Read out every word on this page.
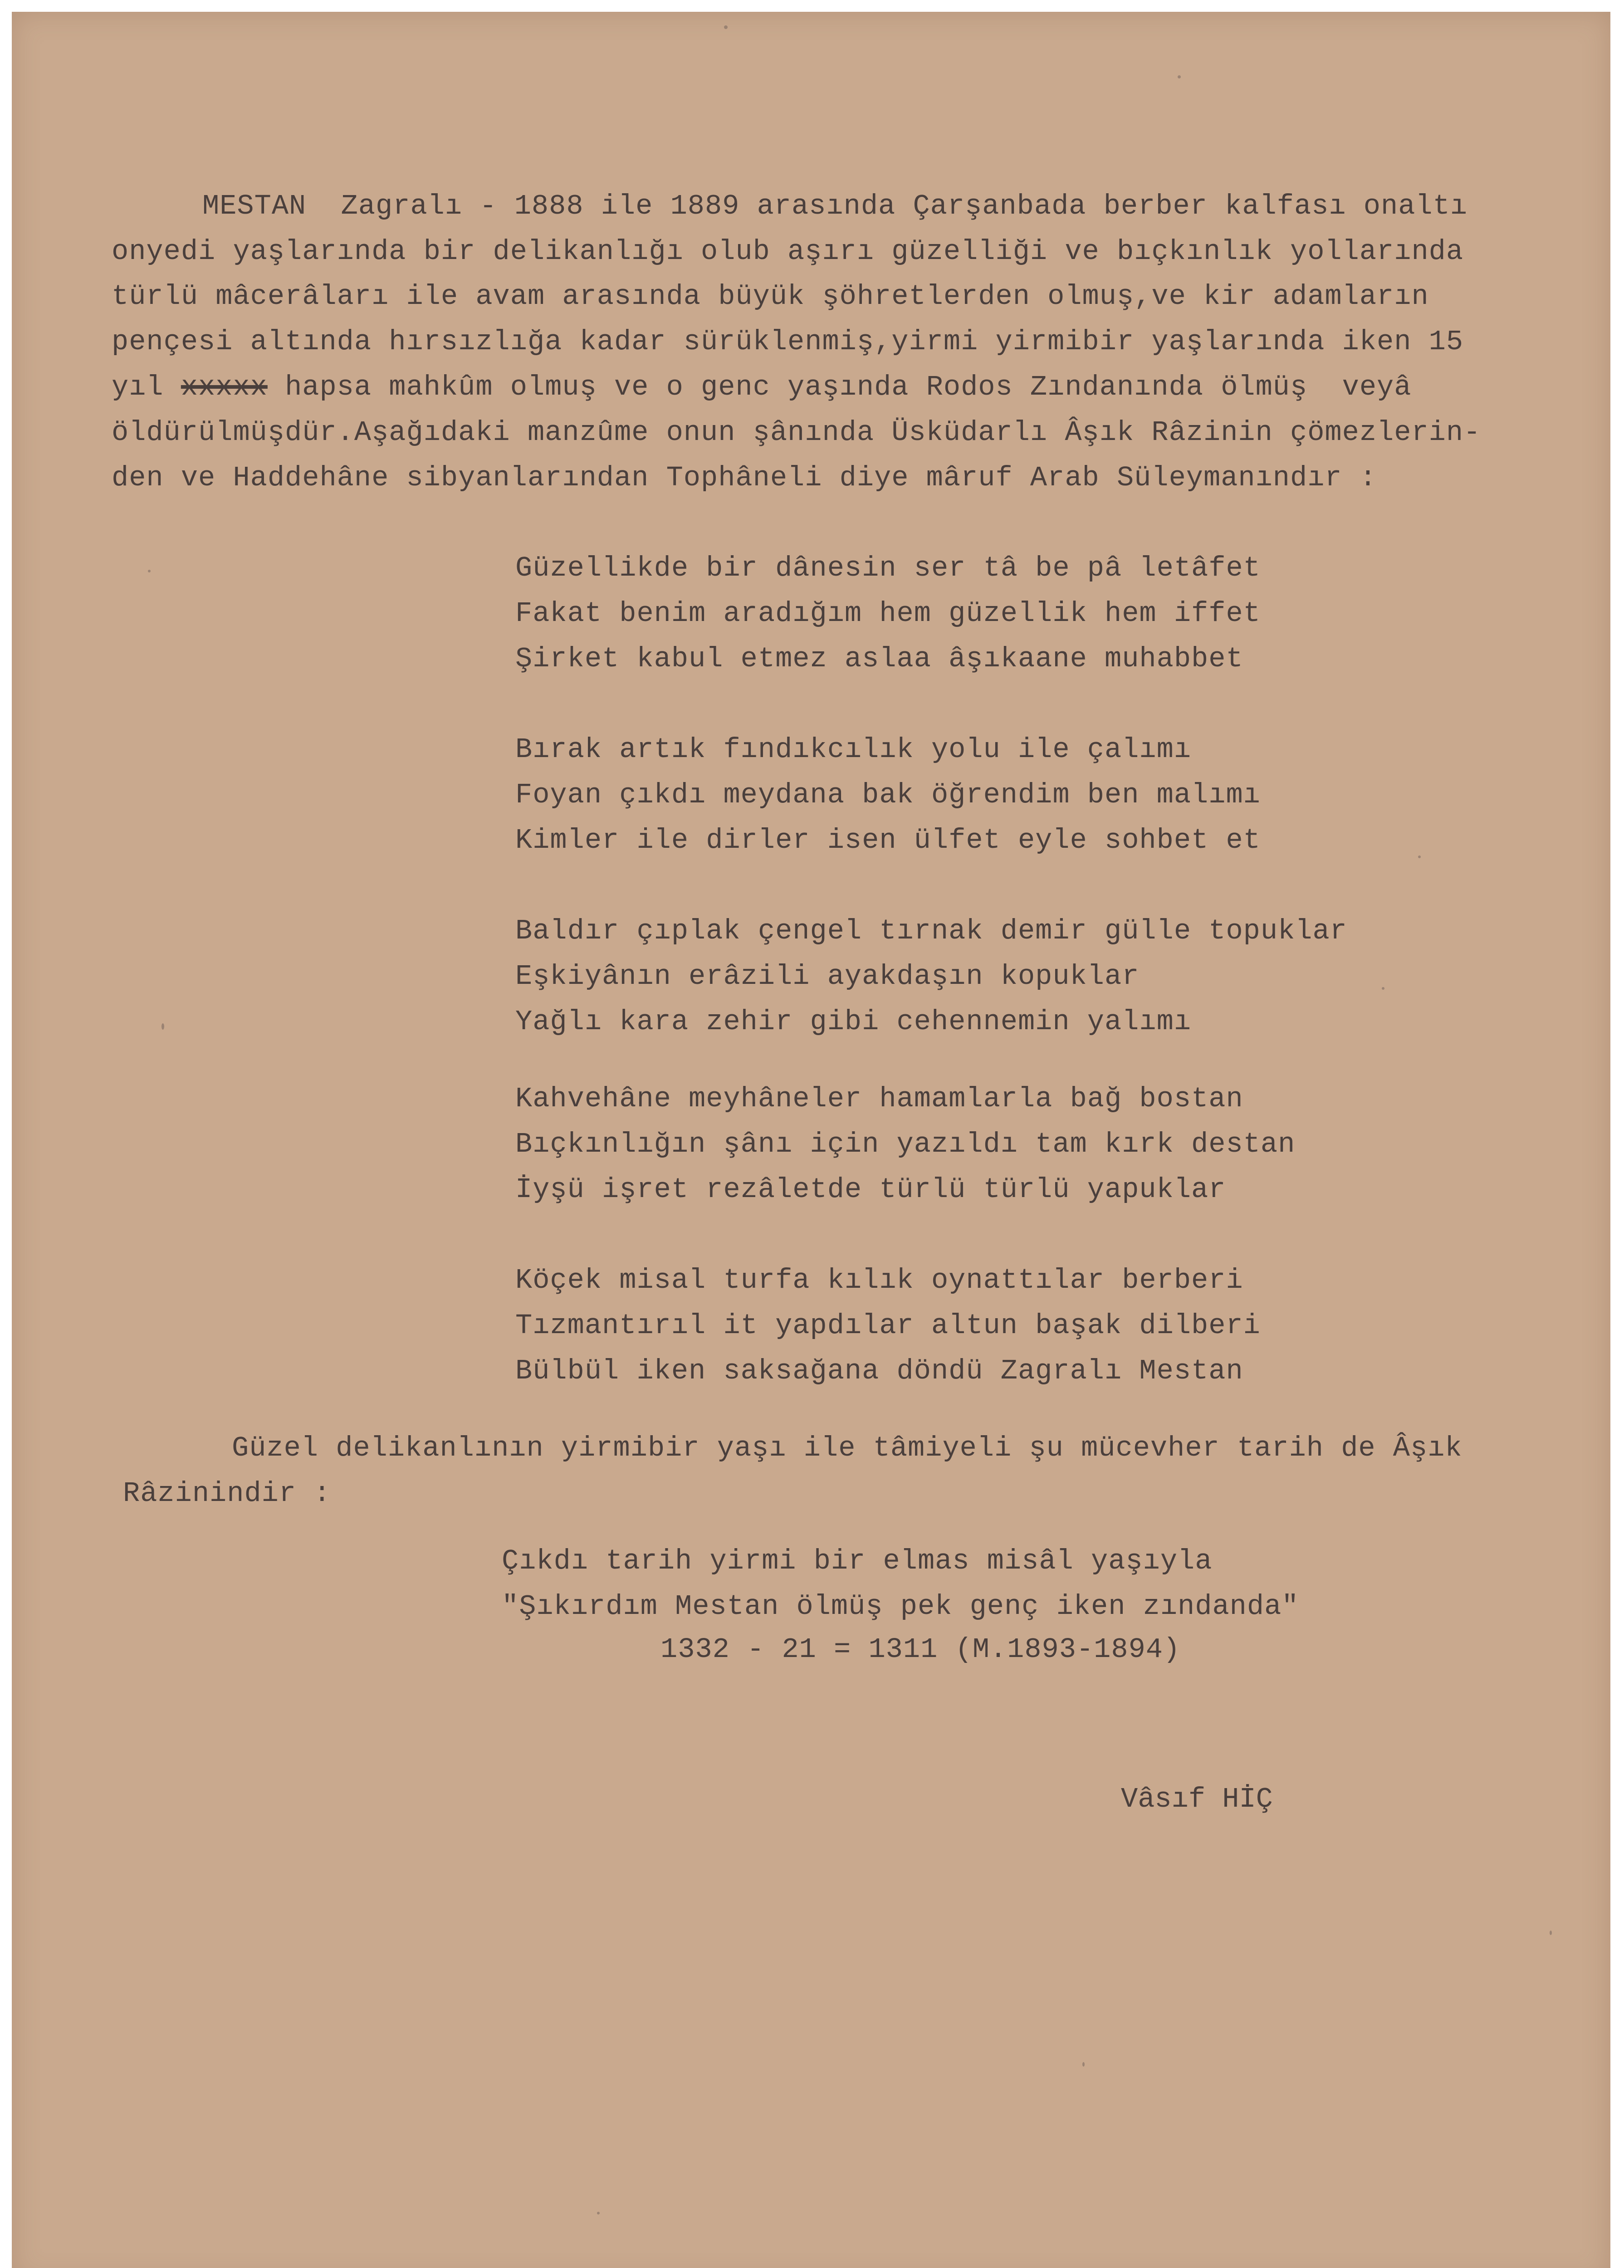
MESTAN  Zagralı - 1888 ile 1889 arasında Çarşanbada berber kalfası onaltı
onyedi yaşlarında bir delikanlığı olub aşırı güzelliği ve bıçkınlık yollarında
türlü mâcerâları ile avam arasında büyük şöhretlerden olmuş,ve kir adamların
pençesi altında hırsızlığa kadar sürüklenmiş,yirmi yirmibir yaşlarında iken 15
yıl xxxxx hapsa mahkûm olmuş ve o genc yaşında Rodos Zındanında ölmüş  veyâ
öldürülmüşdür.Aşağıdaki manzûme onun şânında Üsküdarlı Âşık Râzinin çömezlerin-
den ve Haddehâne sibyanlarından Tophâneli diye mâruf Arab Süleymanındır :
Güzellikde bir dânesin ser tâ be pâ letâfet
Fakat benim aradığım hem güzellik hem iffet
Şirket kabul etmez aslaa âşıkaane muhabbet
Bırak artık fındıkcılık yolu ile çalımı
Foyan çıkdı meydana bak öğrendim ben malımı
Kimler ile dirler isen ülfet eyle sohbet et
Baldır çıplak çengel tırnak demir gülle topuklar
Eşkiyânın erâzili ayakdaşın kopuklar
Yağlı kara zehir gibi cehennemin yalımı
Kahvehâne meyhâneler hamamlarla bağ bostan
Bıçkınlığın şânı için yazıldı tam kırk destan
İyşü işret rezâletde türlü türlü yapuklar
Köçek misal turfa kılık oynattılar berberi
Tızmantırıl it yapdılar altun başak dilberi
Bülbül iken saksağana döndü Zagralı Mestan
Güzel delikanlının yirmibir yaşı ile tâmiyeli şu mücevher tarih de Âşık
Râzinindir :
Çıkdı tarih yirmi bir elmas misâl yaşıyla
"Şıkırdım Mestan ölmüş pek genç iken zındanda"
1332 - 21 = 1311 (M.1893-1894)
Vâsıf HİÇ
